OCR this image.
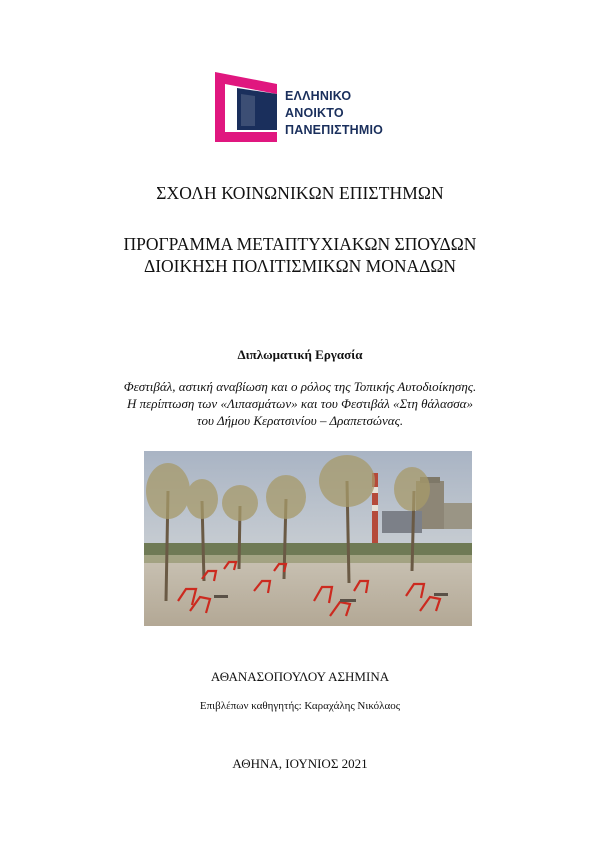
ΕΛΛΗΝΙΚΟ
ΑΝΟΙΚΤΟ
ΠΑΝΕΠΙΣΤΗΜΙΟ
ΣΧΟΛΗ ΚΟΙΝΩΝΙΚΩΝ ΕΠΙΣΤΗΜΩΝ
ΠΡΟΓΡΑΜΜΑ ΜΕΤΑΠΤΥΧΙΑΚΩΝ ΣΠΟΥΔΩΝ
ΔΙΟΙΚΗΣΗ ΠΟΛΙΤΙΣΜΙΚΩΝ ΜΟΝΑΔΩΝ
Διπλωματική Εργασία
Φεστιβάλ, αστική αναβίωση και ο ρόλος της Τοπικής Αυτοδιοίκησης.
Η περίπτωση των «Λιπασμάτων» και του Φεστιβάλ «Στη θάλασσα»
του Δήμου Κερατσινίου – Δραπετσώνας.
ΑΘΑΝΑΣΟΠΟΥΛΟΥ ΑΣΗΜΙΝΑ
Επιβλέπων καθηγητής: Καραχάλης Νικόλαος
ΑΘΗΝΑ, ΙΟΥΝΙΟΣ 2021
